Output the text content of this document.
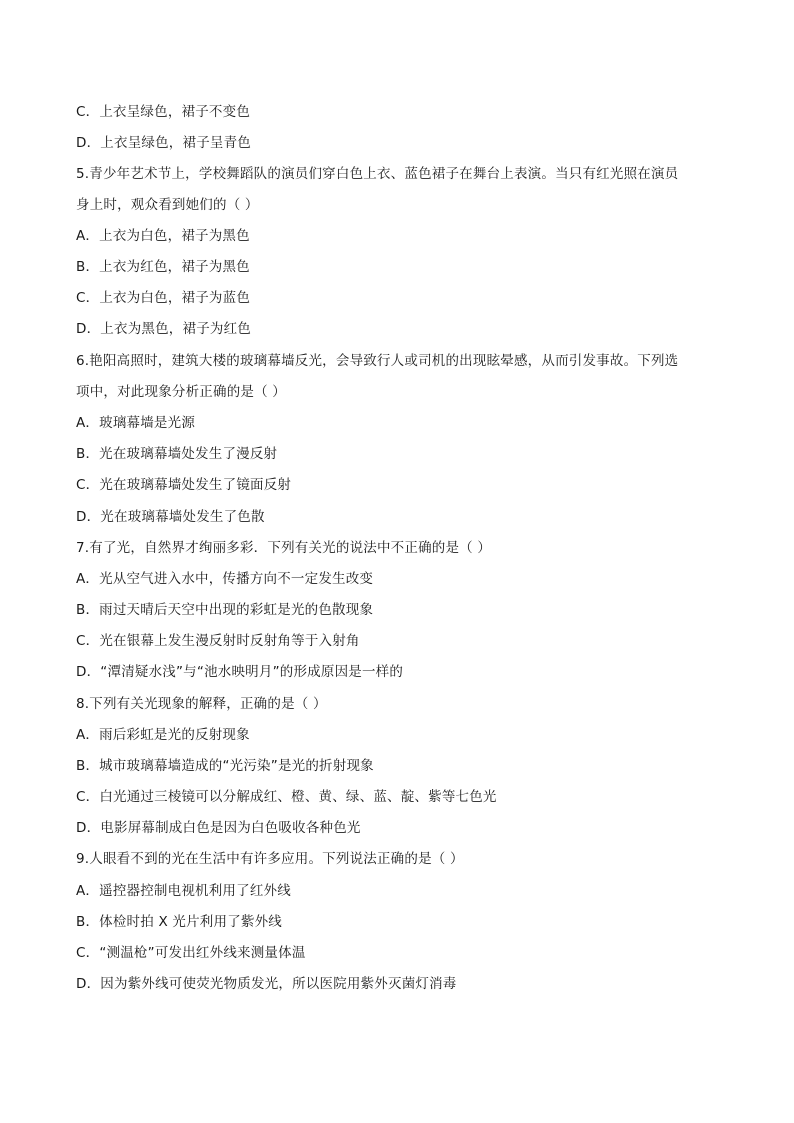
C．上衣呈绿色，裙子不变色
D．上衣呈绿色，裙子呈青色
5.青少年艺术节上，学校舞蹈队的演员们穿白色上衣、蓝色裙子在舞台上表演。当只有红光照在演员
身上时，观众看到她们的（ ）
A．上衣为白色，裙子为黑色
B．上衣为红色，裙子为黑色
C．上衣为白色，裙子为蓝色
D．上衣为黑色，裙子为红色
6.艳阳高照时，建筑大楼的玻璃幕墙反光，会导致行人或司机的出现眩晕感，从而引发事故。下列选
项中，对此现象分析正确的是（ ）
A．玻璃幕墙是光源
B．光在玻璃幕墙处发生了漫反射
C．光在玻璃幕墙处发生了镜面反射
D．光在玻璃幕墙处发生了色散
7.有了光，自然界才绚丽多彩．下列有关光的说法中不正确的是（ ）
A．光从空气进入水中，传播方向不一定发生改变
B．雨过天晴后天空中出现的彩虹是光的色散现象
C．光在银幕上发生漫反射时反射角等于入射角
D．“潭清疑水浅”与“池水映明月”的形成原因是一样的
8.下列有关光现象的解释，正确的是（ ）
A．雨后彩虹是光的反射现象
B．城市玻璃幕墙造成的“光污染”是光的折射现象
C．白光通过三棱镜可以分解成红、橙、黄、绿、蓝、靛、紫等七色光
D．电影屏幕制成白色是因为白色吸收各种色光
9.人眼看不到的光在生活中有许多应用。下列说法正确的是（ ）
A．遥控器控制电视机利用了红外线
B．体检时拍 X 光片利用了紫外线
C．“测温枪”可发出红外线来测量体温
D．因为紫外线可使荧光物质发光，所以医院用紫外灭菌灯消毒
